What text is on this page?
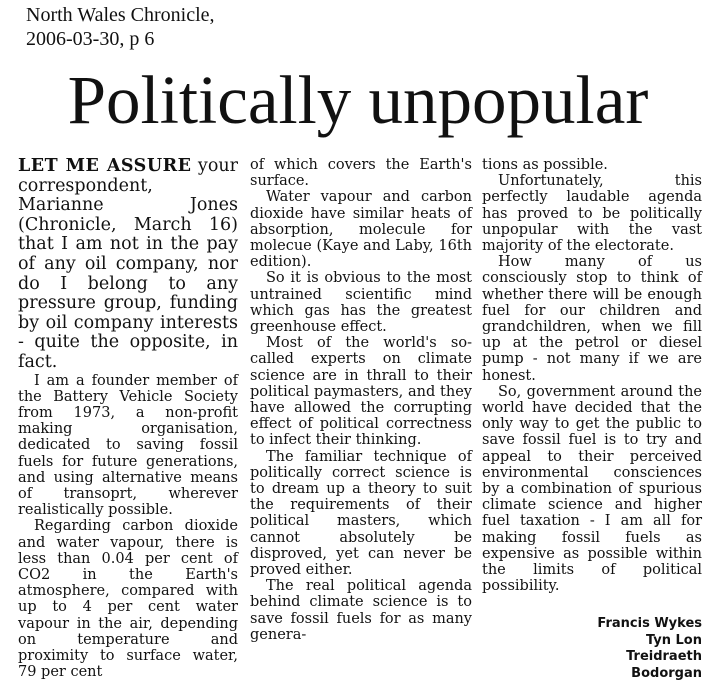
North Wales Chronicle,
2006-03-30, p 6
Politically unpopular

LET ME ASSURE your correspondent, Marianne Jones (Chronicle, March 16) that I am not in the pay of any oil company, nor do I belong to any pressure group, funding by oil company interests - quite the opposite, in fact.

I am a founder member of the Battery Vehicle Society from 1973, a non-profit making organisation, dedicated to saving fossil fuels for future generations, and using alternative means of transoprt, wherever realistically possible.

Regarding carbon dioxide and water vapour, there is less than 0.04 per cent of CO2 in the Earth's atmosphere, compared with up to 4 per cent water vapour in the air, depending on temperature and proximity to surface water, 79 per cent

of which covers the Earth's surface.

Water vapour and carbon dioxide have similar heats of absorption, molecule for molecue (Kaye and Laby, 16th edition).

So it is obvious to the most untrained scientific mind which gas has the greatest greenhouse effect.

Most of the world's so-called experts on climate science are in thrall to their political paymasters, and they have allowed the corrupting effect of political correctness to infect their thinking.

The familiar technique of politically correct science is to dream up a theory to suit the requirements of their political masters, which cannot absolutely be disproved, yet can never be proved either.

The real political agenda behind climate science is to save fossil fuels for as many genera-

tions as possible.

Unfortunately, this perfectly laudable agenda has proved to be politically unpopular with the vast majority of the electorate.

How many of us consciously stop to think of whether there will be enough fuel for our children and grandchildren, when we fill up at the petrol or diesel pump - not many if we are honest.

So, government around the world have decided that the only way to get the public to save fossil fuel is to try and appeal to their perceived environmental consciences by a combination of spurious climate science and higher fuel taxation - I am all for making fossil fuels as expensive as possible within the limits of political possibility.

Francis Wykes
Tyn Lon
Treidraeth
Bodorgan
